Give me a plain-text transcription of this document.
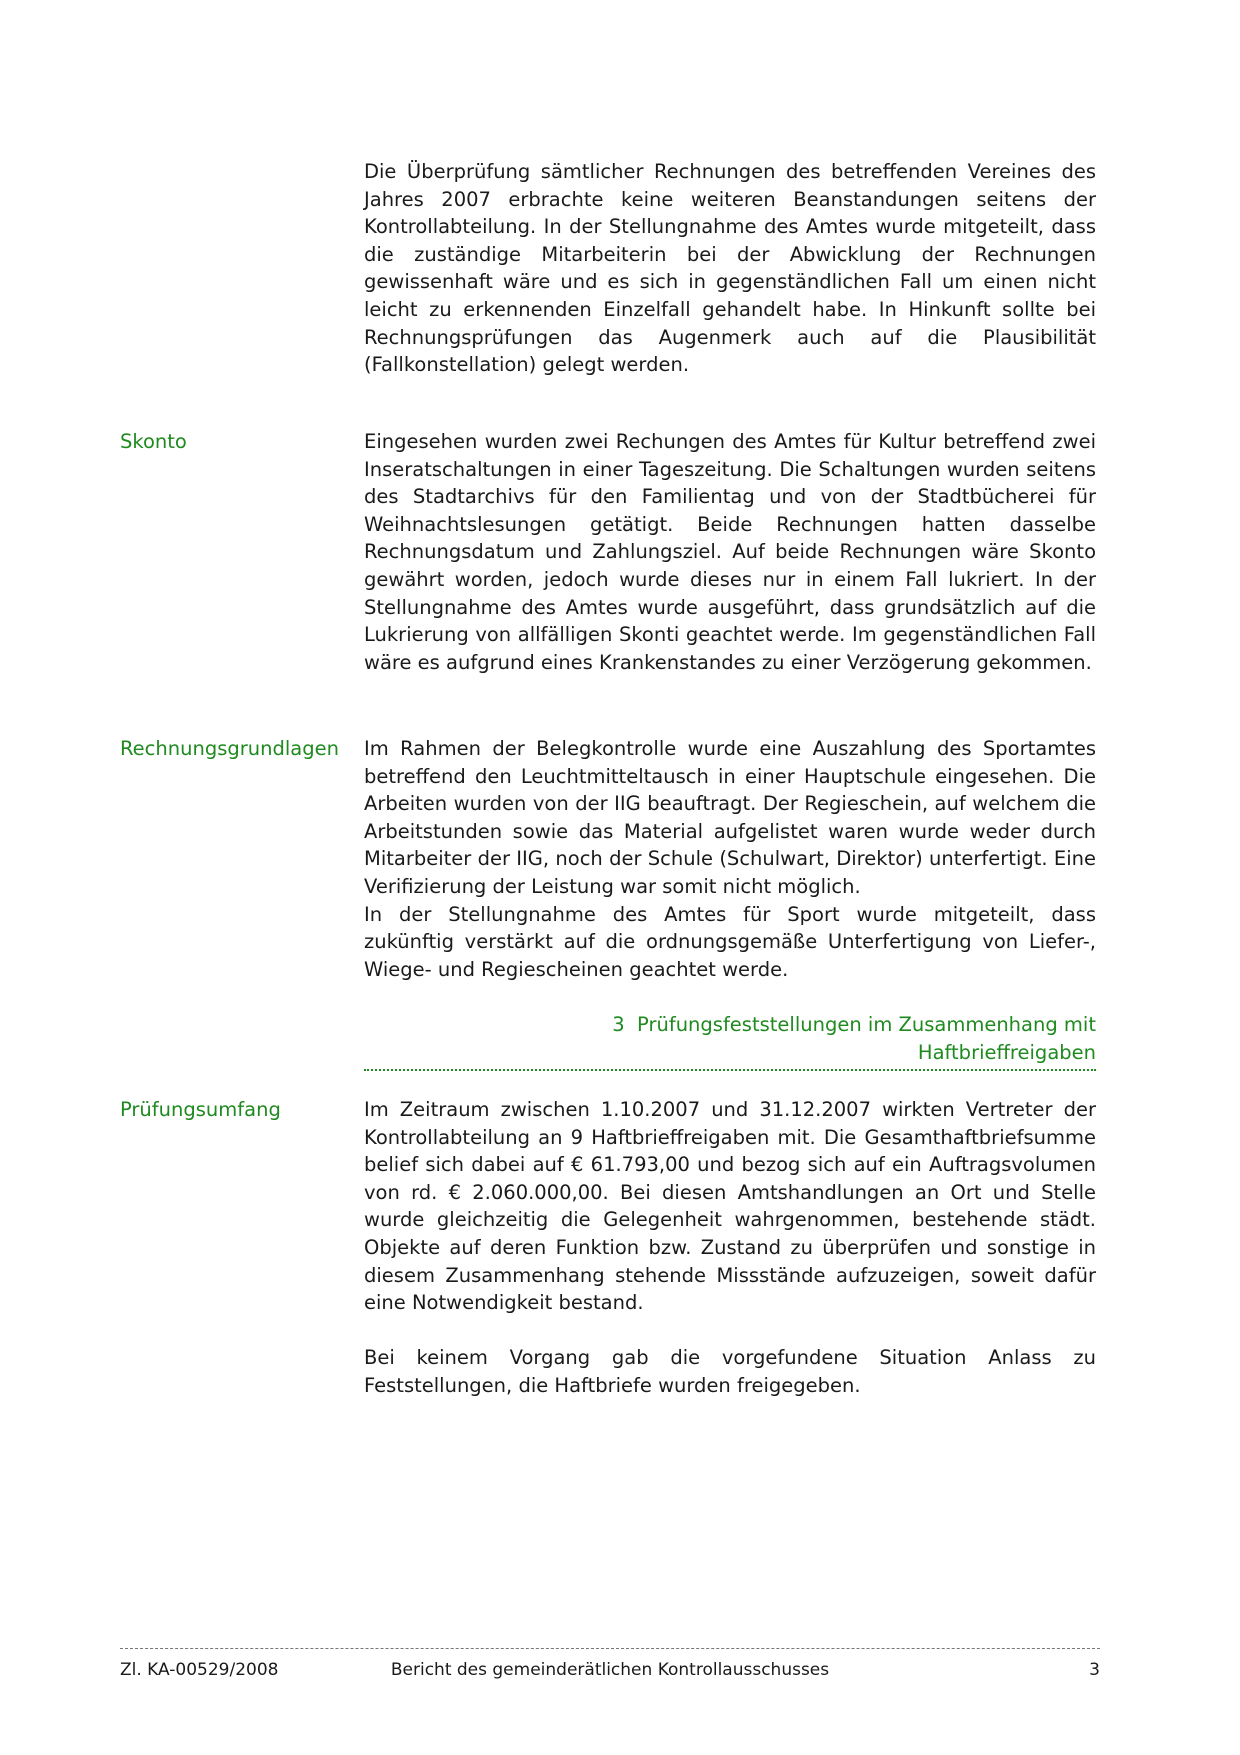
Die Überprüfung sämtlicher Rechnungen des betreffenden Vereines des Jahres 2007 erbrachte keine weiteren Beanstandungen seitens der Kontrollabteilung. In der Stellungnahme des Amtes wurde mitgeteilt, dass die zuständige Mitarbeiterin bei der Abwicklung der Rechnungen gewissenhaft wäre und es sich in gegenständlichen Fall um einen nicht leicht zu erkennenden Einzelfall gehandelt habe. In Hinkunft sollte bei Rechnungsprüfungen das Augenmerk auch auf die Plausibilität (Fallkonstellation) gelegt werden.

Skonto	Eingesehen wurden zwei Rechungen des Amtes für Kultur betreffend zwei Inseratschaltungen in einer Tageszeitung. Die Schaltungen wurden seitens des Stadtarchivs für den Familientag und von der Stadtbücherei für Weihnachtslesungen getätigt. Beide Rechnungen hatten dasselbe Rechnungsdatum und Zahlungsziel. Auf beide Rechnungen wäre Skonto gewährt worden, jedoch wurde dieses nur in einem Fall lukriert. In der Stellungnahme des Amtes wurde ausgeführt, dass grundsätzlich auf die Lukrierung von allfälligen Skonti geachtet werde. Im gegenständlichen Fall wäre es aufgrund eines Krankenstandes zu einer Verzögerung gekommen.

Rechnungsgrundlagen Im Rahmen der Belegkontrolle wurde eine Auszahlung des Sportamtes betreffend den Leuchtmitteltausch in einer Hauptschule eingesehen. Die Arbeiten wurden von der IIG beauftragt. Der Regieschein, auf welchem die Arbeitstunden sowie das Material aufgelistet waren wurde weder durch Mitarbeiter der IIG, noch der Schule (Schulwart, Direktor) unterfertigt. Eine Verifizierung der Leistung war somit nicht möglich.

In der Stellungnahme des Amtes für Sport wurde mitgeteilt, dass zukünftig verstärkt auf die ordnungsgemäße Unterfertigung von Liefer-, Wiege- und Regiescheinen geachtet werde.

3 Prüfungsfeststellungen im Zusammenhang mit
Haftbrieffreigaben

Prüfungsumfang	Im Zeitraum zwischen 1.10.2007 und 31.12.2007 wirkten Vertreter der Kontrollabteilung an 9 Haftbrieffreigaben mit. Die Gesamthaftbriefsumme belief sich dabei auf € 61.793,00 und bezog sich auf ein Auftragsvolumen von rd. € 2.060.000,00. Bei diesen Amtshandlungen an Ort und Stelle wurde gleichzeitig die Gelegenheit wahrgenommen, bestehende städt. Objekte auf deren Funktion bzw. Zustand zu überprüfen und sonstige in diesem Zusammenhang stehende Missstände aufzuzeigen, soweit dafür eine Notwendigkeit bestand.

Bei keinem Vorgang gab die vorgefundene Situation Anlass zu Feststellungen, die Haftbriefe wurden freigegeben.

Zl. KA-00529/2008	Bericht des gemeinderätlichen Kontrollausschusses	3
